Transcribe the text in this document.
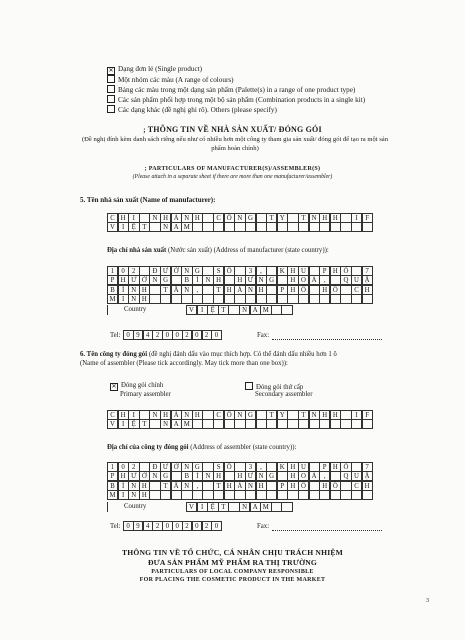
✕ Dạng đơn lẻ (Single product)
Một nhóm các màu (A range of colours)
Bảng các màu trong một dạng sản phẩm (Palette(s) in a range of one product type)
Các sản phẩm phối hợp trong một bộ sản phẩm (Combination products in a single kit)
Các dạng khác (đề nghị ghi rõ). Others (please specify)
; THÔNG TIN VỀ NHÀ SẢN XUẤT/ ĐÓNG GÓI
(Đề nghị đính kèm danh sách riêng nếu như có nhiều hơn một công ty tham gia sản xuất/ đóng gói để tạo ra một sản phẩm hoàn chỉnh)
; PARTICULARS OF MANUFACTURER(S)/ASSEMBLER(S)
(Please attach in a separate sheet if there are more than one manufacturer/assembler)
5. Tên nhà sản xuất (Name of manufacturer):
C H I	N H Á N H	C Ô N G	T Y	T N H H	I	F
V I	Ệ T	N A M
Địa chỉ nhà sản xuất (Nước sản xuất) (Address of manufacturer (state country)):
1	0	2	Đ Ư Ờ N G	S Ố	3	,	K H U	P H Ố	7
P H Ư Ờ N G	B	Ì N H	H Ư N G	H O À	,	Q U Ậ
B	Ì N H	T Â N	,	T H À N H	P H Ố	H Ồ	C H
M I N H
Country	V I	Ệ T	N A M
Tel: 0 9 4 2 0 0 2 0 2 0	Fax:
6. Tên công ty đóng gói (đề nghị đánh dấu vào mục thích hợp. Có thể đánh dấu nhiều hơn 1 ô
(Name of assembler (Please tick accordingly. May tick more than one box)):
✕ Đóng gói chính
Primary assembler
Đóng gói thứ cấp
Secondary assembler
C H I	N H Á N H	C Ô N G	T Y	T N H H	I	F
V I	Ệ T	N A M
Địa chỉ của công ty đóng gói (Address of assembler (state country)):
1	0	2	Đ Ư Ờ N G	S Ố	3	,	K H U	P H Ố	7
P H Ư Ờ N G	B	Ì N H	H Ư N G	H O À	,	Q U Ậ
B	Ì N H	T Â N	,	T H À N H	P H Ố	H Ồ	C H
M I N H
Country	V I	Ệ T	N A M
Tel: 0 9 4 2 0 0 2 0 2 0	Fax:
THÔNG TIN VỀ TỔ CHỨC, CÁ NHÂN CHỊU TRÁCH NHIỆM
ĐƯA SẢN PHẨM MỸ PHẨM RA THỊ TRƯỜNG
PARTICULARS OF LOCAL COMPANY RESPONSIBLE
FOR PLACING THE COSMETIC PRODUCT IN THE MARKET
3
